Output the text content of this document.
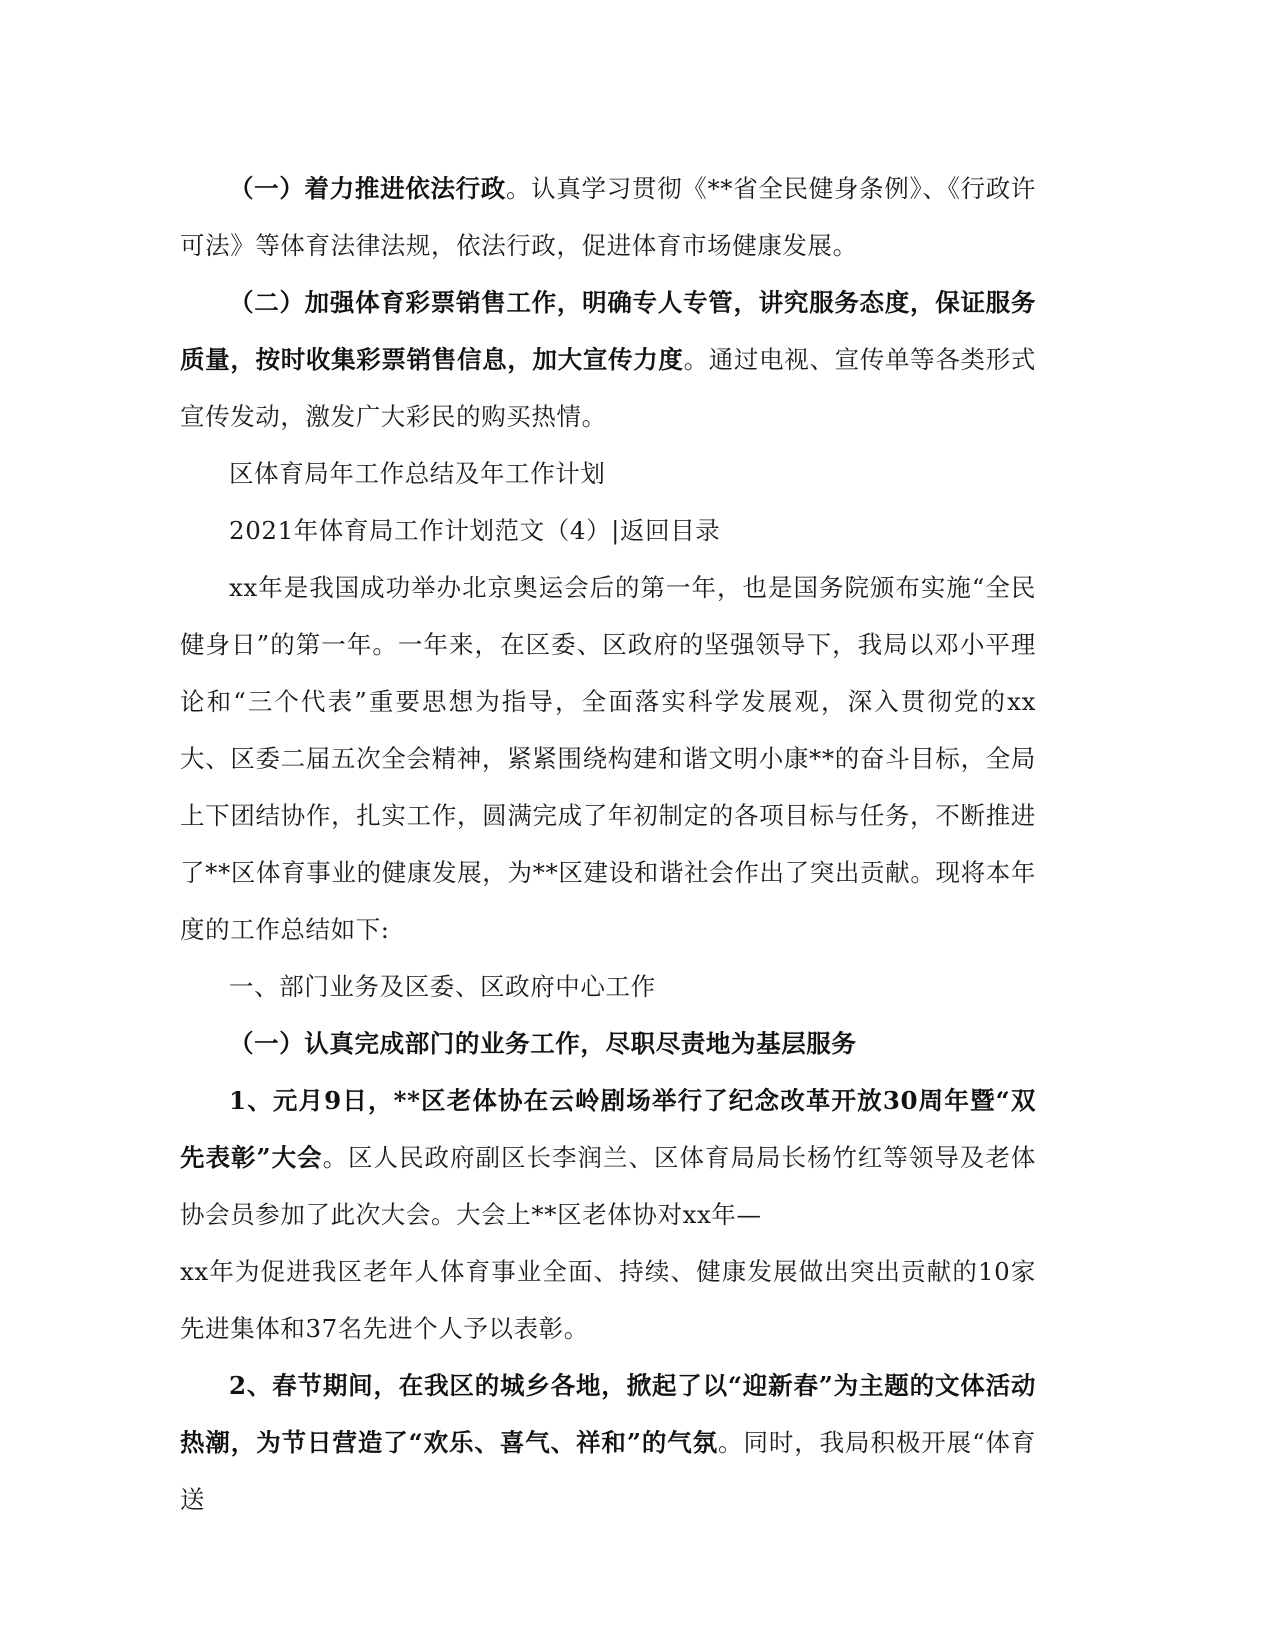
（一）着力推进依法行政。认真学习贯彻《**省全民健身条例》、《行政许可法》等体育法律法规，依法行政，促进体育市场健康发展。

（二）加强体育彩票销售工作，明确专人专管，讲究服务态度，保证服务质量，按时收集彩票销售信息，加大宣传力度。通过电视、宣传单等各类形式宣传发动，激发广大彩民的购买热情。

区体育局年工作总结及年工作计划

2021年体育局工作计划范文（4）|返回目录

xx年是我国成功举办北京奥运会后的第一年，也是国务院颁布实施“全民健身日”的第一年。一年来，在区委、区政府的坚强领导下，我局以邓小平理论和“三个代表”重要思想为指导，全面落实科学发展观，深入贯彻党的xx大、区委二届五次全会精神，紧紧围绕构建和谐文明小康**的奋斗目标，全局上下团结协作，扎实工作，圆满完成了年初制定的各项目标与任务，不断推进了**区体育事业的健康发展，为**区建设和谐社会作出了突出贡献。现将本年度的工作总结如下:

一、部门业务及区委、区政府中心工作

（一）认真完成部门的业务工作，尽职尽责地为基层服务

1、元月9日，**区老体协在云岭剧场举行了纪念改革开放30周年暨“双先表彰”大会。区人民政府副区长李润兰、区体育局局长杨竹红等领导及老体协会员参加了此次大会。大会上**区老体协对xx年—

xx年为促进我区老年人体育事业全面、持续、健康发展做出突出贡献的10家先进集体和37名先进个人予以表彰。

2、春节期间，在我区的城乡各地，掀起了以“迎新春”为主题的文体活动热潮，为节日营造了“欢乐、喜气、祥和”的气氛。同时，我局积极开展“体育送
